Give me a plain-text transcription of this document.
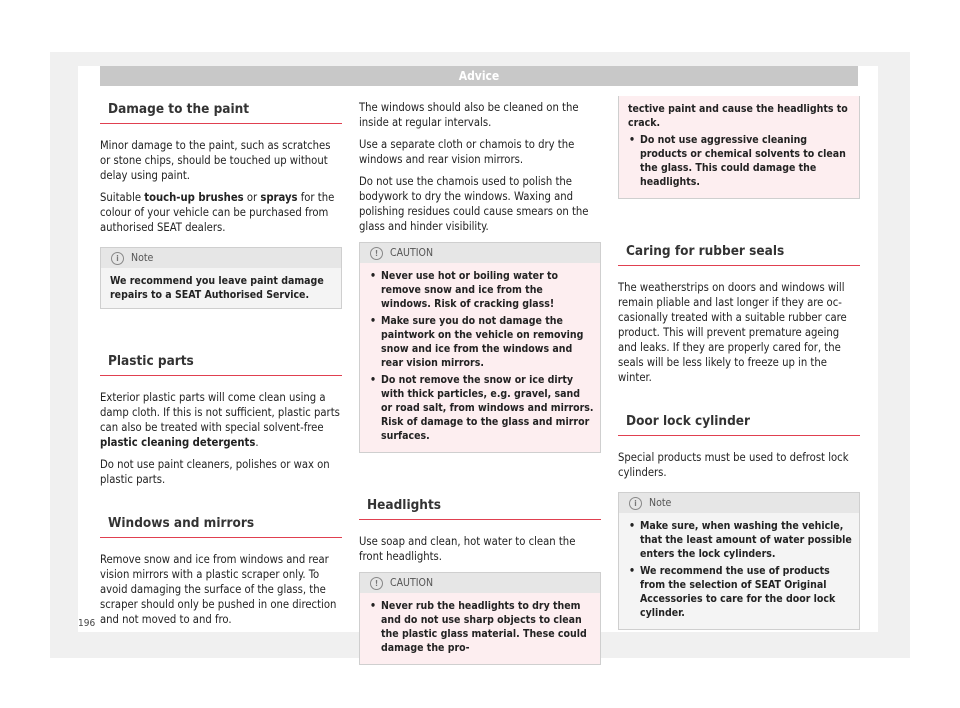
Advice
Damage to the paint

Minor damage to the paint, such as scratches or stone chips, should be touched up without delay using paint.

Suitable touch-up brushes or sprays for the colour of your vehicle can be purchased from authorised SEAT dealers.

i	Note
We recommend you leave paint damage repairs to a SEAT Authorised Service.
Plastic parts

Exterior plastic parts will come clean using a damp cloth. If this is not sufficient, plastic parts can also be treated with special solvent-free plastic cleaning detergents.

Do not use paint cleaners, polishes or wax on plastic parts.

Windows and mirrors

Remove snow and ice from windows and rear vision mirrors with a plastic scraper only. To avoid damaging the surface of the glass, the scraper should only be pushed in one direction and not moved to and fro.

The windows should also be cleaned on the inside at regular intervals.

Use a separate cloth or chamois to dry the windows and rear vision mirrors.

Do not use the chamois used to polish the bodywork to dry the windows. Waxing and polishing residues could cause smears on the glass and hinder visibility.

!	CAUTION
• Never use hot or boiling water to remove snow and ice from the windows. Risk of cracking glass!
• Make sure you do not damage the paintwork on the vehicle on removing snow and ice from the windows and rear vision mirrors.
• Do not remove the snow or ice dirty with thick particles, e.g. gravel, sand or road salt, from windows and mirrors. Risk of damage to the glass and mirror surfaces.
Headlights

Use soap and clean, hot water to clean the front headlights.

!	CAUTION
• Never rub the headlights to dry them and do not use sharp objects to clean the plastic glass material. These could damage the pro-
tective paint and cause the headlights to crack.
• Do not use aggressive cleaning products or chemical solvents to clean the glass. This could damage the headlights.
Caring for rubber seals

The weatherstrips on doors and windows will remain pliable and last longer if they are occasionally treated with a suitable rubber care product. This will prevent premature ageing and leaks. If they are properly cared for, the seals will be less likely to freeze up in the winter.

Door lock cylinder

Special products must be used to defrost lock cylinders.

i	Note
• Make sure, when washing the vehicle, that the least amount of water possible enters the lock cylinders.
• We recommend the use of products from the selection of SEAT Original Accessories to care for the door lock cylinder.
196
